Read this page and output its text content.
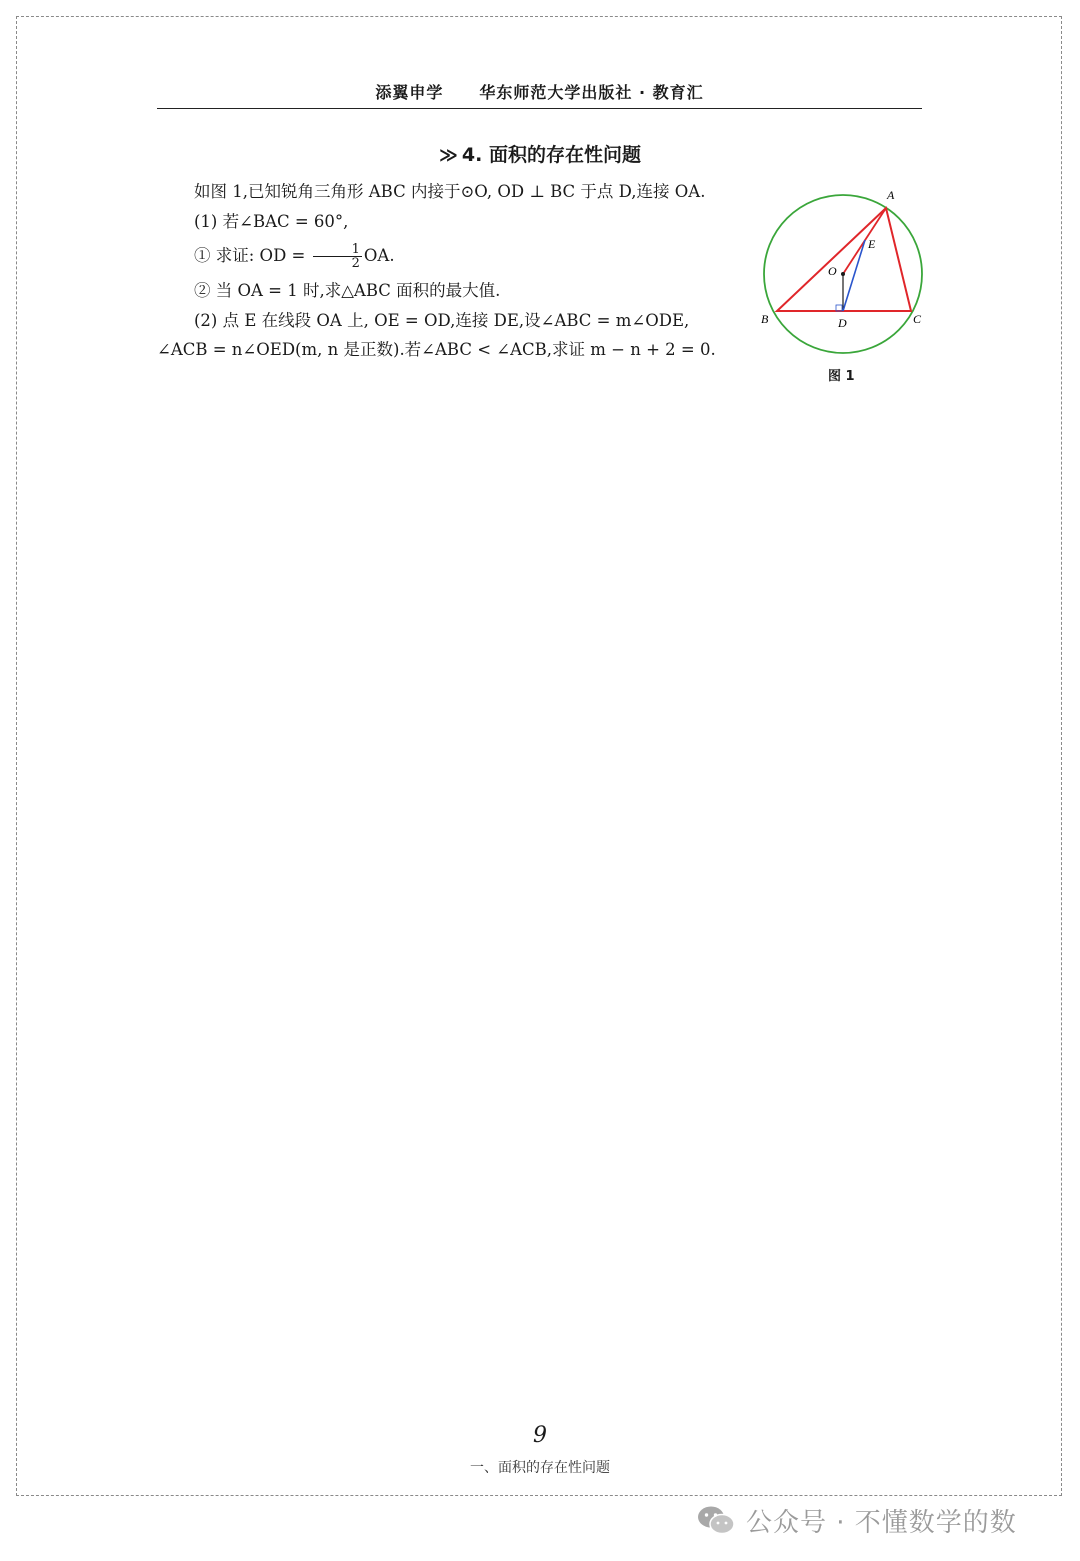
添翼申学 华东师范大学出版社 · 教育汇
≫ 4. 面积的存在性问题

如图 1,已知锐角三角形 ABC 内接于⊙O, OD ⊥ BC 于点 D,连接 OA.

(1) 若∠BAC = 60°,

① 求证: OD = $\frac{1}{2}$ OA.

② 当 OA = 1 时,求△ABC 面积的最大值.

(2) 点 E 在线段 OA 上, OE = OD,连接 DE,设∠ABC = m∠ODE, ∠ACB = n∠OED(m, n 是正数).若∠ABC < ∠ACB,求证 m − n + 2 = 0.

A
E
O
B	D	C
图 1
9
一、面积的存在性问题
公众号 · 不懂数学的数
